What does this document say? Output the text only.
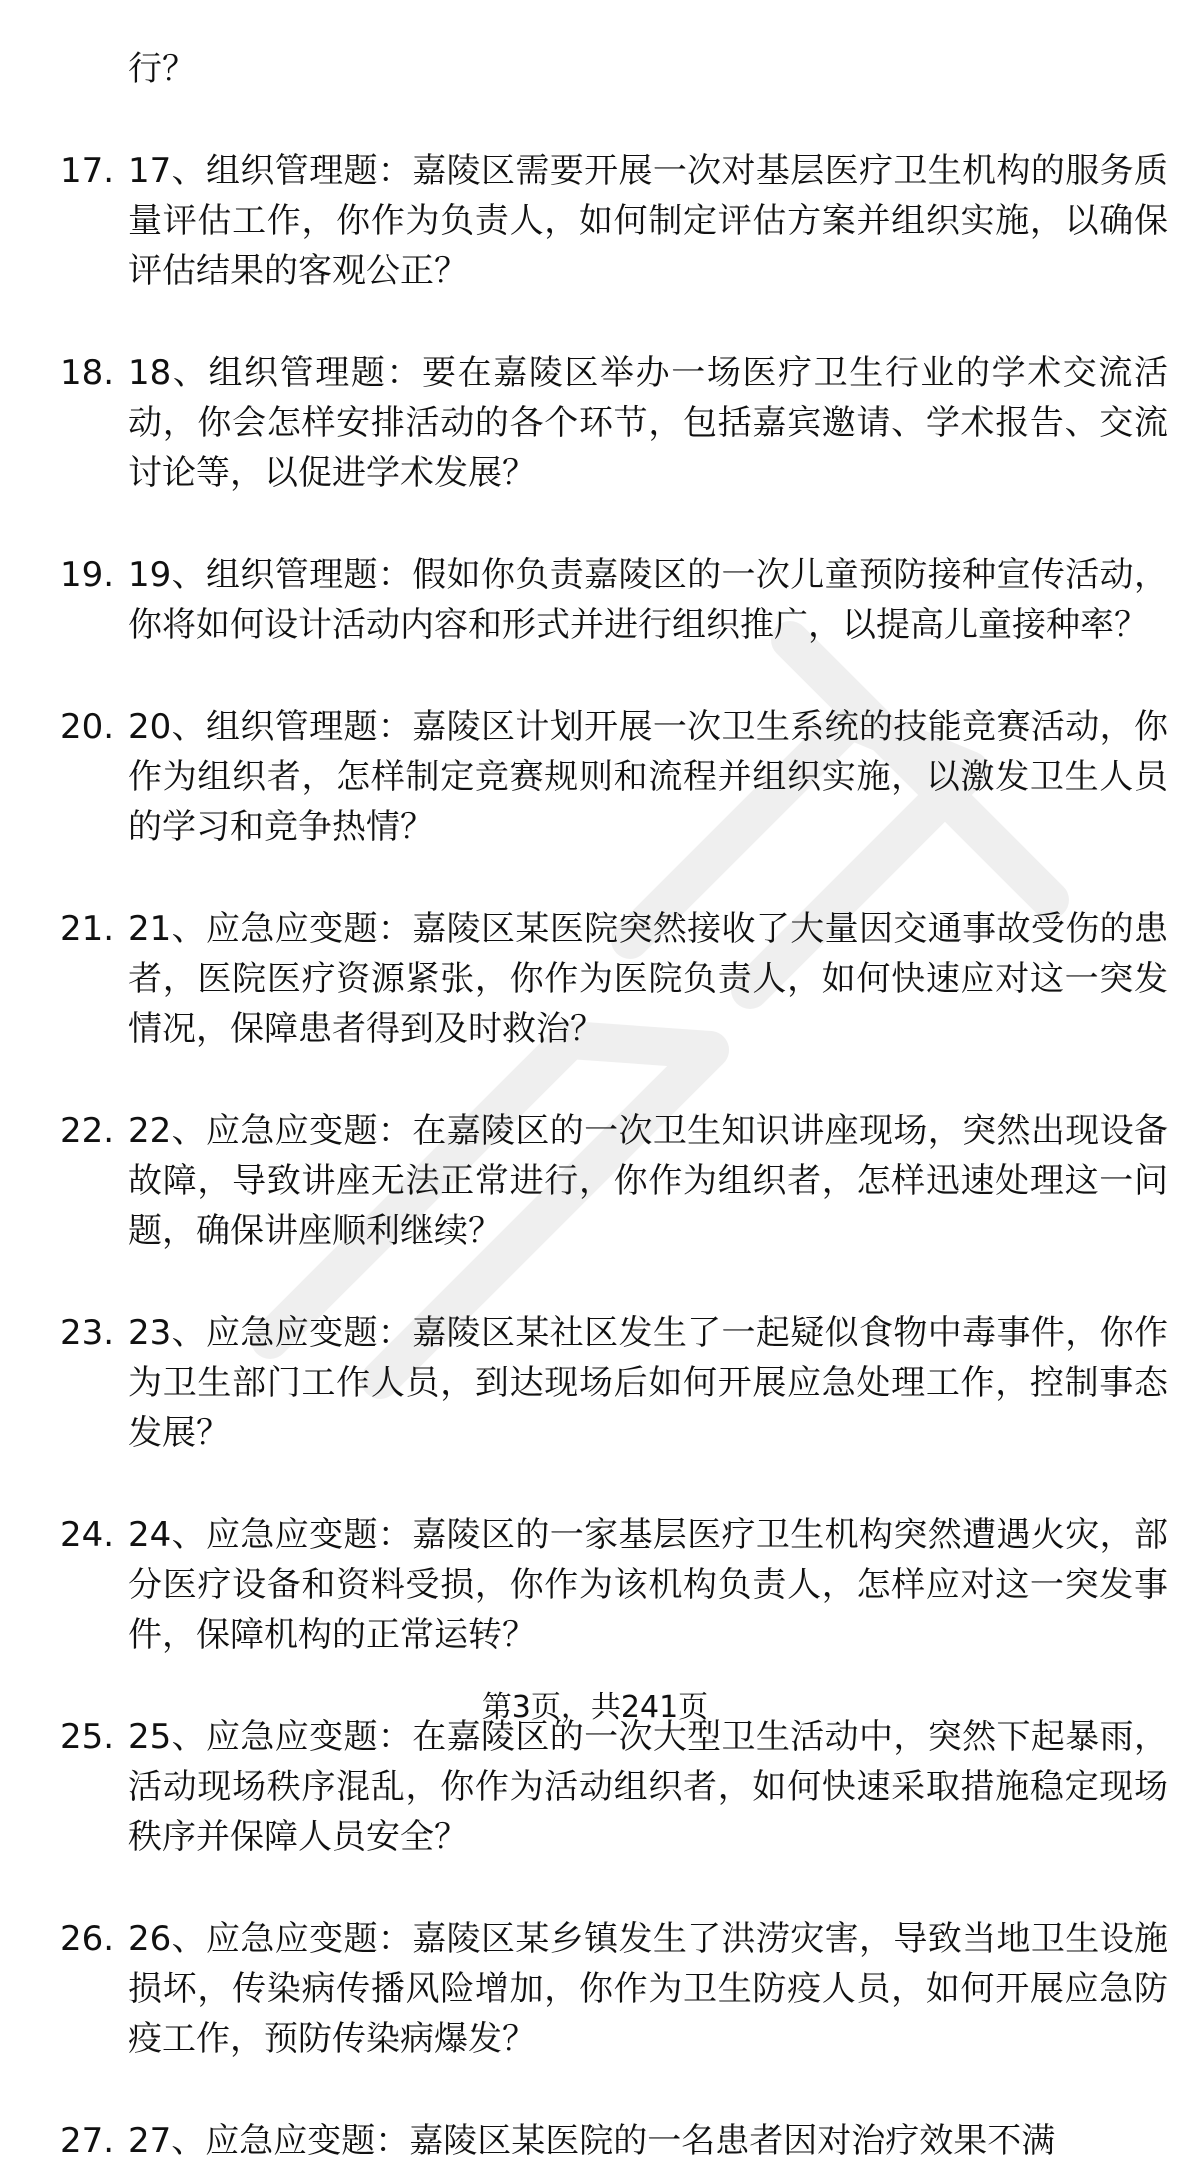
行？

17. 17、组织管理题：嘉陵区需要开展一次对基层医疗卫生机构的服务质量评估工作，你作为负责人，如何制定评估方案并组织实施，以确保评估结果的客观公正？
18. 18、组织管理题：要在嘉陵区举办一场医疗卫生行业的学术交流活动，你会怎样安排活动的各个环节，包括嘉宾邀请、学术报告、交流讨论等，以促进学术发展？
19. 19、组织管理题：假如你负责嘉陵区的一次儿童预防接种宣传活动，你将如何设计活动内容和形式并进行组织推广，以提高儿童接种率？
20. 20、组织管理题：嘉陵区计划开展一次卫生系统的技能竞赛活动，你作为组织者，怎样制定竞赛规则和流程并组织实施，以激发卫生人员的学习和竞争热情？
21. 21、应急应变题：嘉陵区某医院突然接收了大量因交通事故受伤的患者，医院医疗资源紧张，你作为医院负责人，如何快速应对这一突发情况，保障患者得到及时救治？
22. 22、应急应变题：在嘉陵区的一次卫生知识讲座现场，突然出现设备故障，导致讲座无法正常进行，你作为组织者，怎样迅速处理这一问题，确保讲座顺利继续？
23. 23、应急应变题：嘉陵区某社区发生了一起疑似食物中毒事件，你作为卫生部门工作人员，到达现场后如何开展应急处理工作，控制事态发展？
24. 24、应急应变题：嘉陵区的一家基层医疗卫生机构突然遭遇火灾，部分医疗设备和资料受损，你作为该机构负责人，怎样应对这一突发事件，保障机构的正常运转？
25. 25、应急应变题：在嘉陵区的一次大型卫生活动中，突然下起暴雨，活动现场秩序混乱，你作为活动组织者，如何快速采取措施稳定现场秩序并保障人员安全？
26. 26、应急应变题：嘉陵区某乡镇发生了洪涝灾害，导致当地卫生设施损坏，传染病传播风险增加，你作为卫生防疫人员，如何开展应急防疫工作，预防传染病爆发？
27. 27、应急应变题：嘉陵区某医院的一名患者因对治疗效果不满
第3页，共241页
